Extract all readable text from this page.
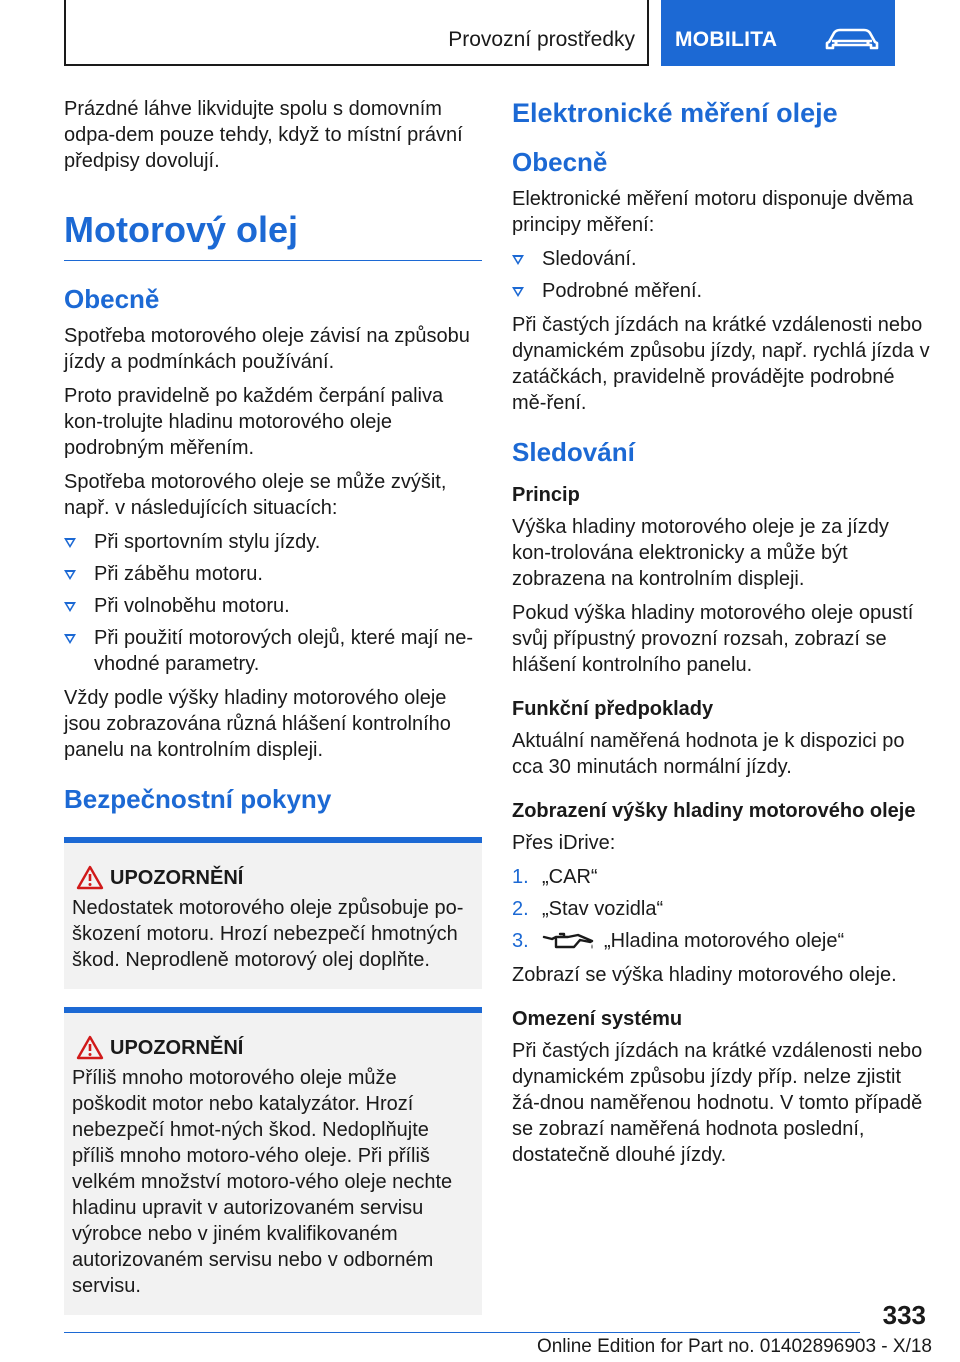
Provozní prostředky MOBILITA

Prázdné láhve likvidujte spolu s domovním odpa-dem pouze tehdy, když to místní právní předpisy dovolují.

Motorový olej
Obecně

Spotřeba motorového oleje závisí na způsobu jízdy a podmínkách používání.

Proto pravidelně po každém čerpání paliva kon-trolujte hladinu motorového oleje podrobným měřením.

Spotřeba motorového oleje se může zvýšit, např. v následujících situacích:

Při sportovním stylu jízdy.
Při záběhu motoru.
Při volnoběhu motoru.
Při použití motorových olejů, které mají ne-vhodné parametry.

Vždy podle výšky hladiny motorového oleje jsou zobrazována různá hlášení kontrolního panelu na kontrolním displeji.

Bezpečnostní pokyny
UPOZORNĚNÍ

Nedostatek motorového oleje způsobuje po-škození motoru. Hrozí nebezpečí hmotných škod. Neprodleně motorový olej doplňte.

UPOZORNĚNÍ

Příliš mnoho motorového oleje může poškodit motor nebo katalyzátor. Hrozí nebezpečí hmot-ných škod. Nedoplňujte příliš mnoho motoro-vého oleje. Při příliš velkém množství motoro-vého oleje nechte hladinu upravit v autorizovaném servisu výrobce nebo v jiném kvalifikovaném autorizovaném servisu nebo v odborném servisu.

Elektronické měření oleje
Obecně

Elektronické měření motoru disponuje dvěma principy měření:

Sledování.
Podrobné měření.

Při častých jízdách na krátké vzdálenosti nebo dynamickém způsobu jízdy, např. rychlá jízda v zatáčkách, pravidelně provádějte podrobné mě-ření.

Sledování
Princip

Výška hladiny motorového oleje je za jízdy kon-trolována elektronicky a může být zobrazena na kontrolním displeji.

Pokud výška hladiny motorového oleje opustí svůj přípustný provozní rozsah, zobrazí se hlášení kontrolního panelu.

Funkční předpoklady

Aktuální naměřená hodnota je k dispozici po cca 30 minutách normální jízdy.

Zobrazení výšky hladiny motorového oleje

Přes iDrive:

1. „CAR“
2. „Stav vozidla“
3.	„Hladina motorového oleje“

Zobrazí se výška hladiny motorového oleje.

Omezení systému

Při častých jízdách na krátké vzdálenosti nebo dynamickém způsobu jízdy příp. nelze zjistit žá-dnou naměřenou hodnotu. V tomto případě se zobrazí naměřená hodnota poslední, dostatečně dlouhé jízdy.

333
Online Edition for Part no. 01402896903 - X/18
